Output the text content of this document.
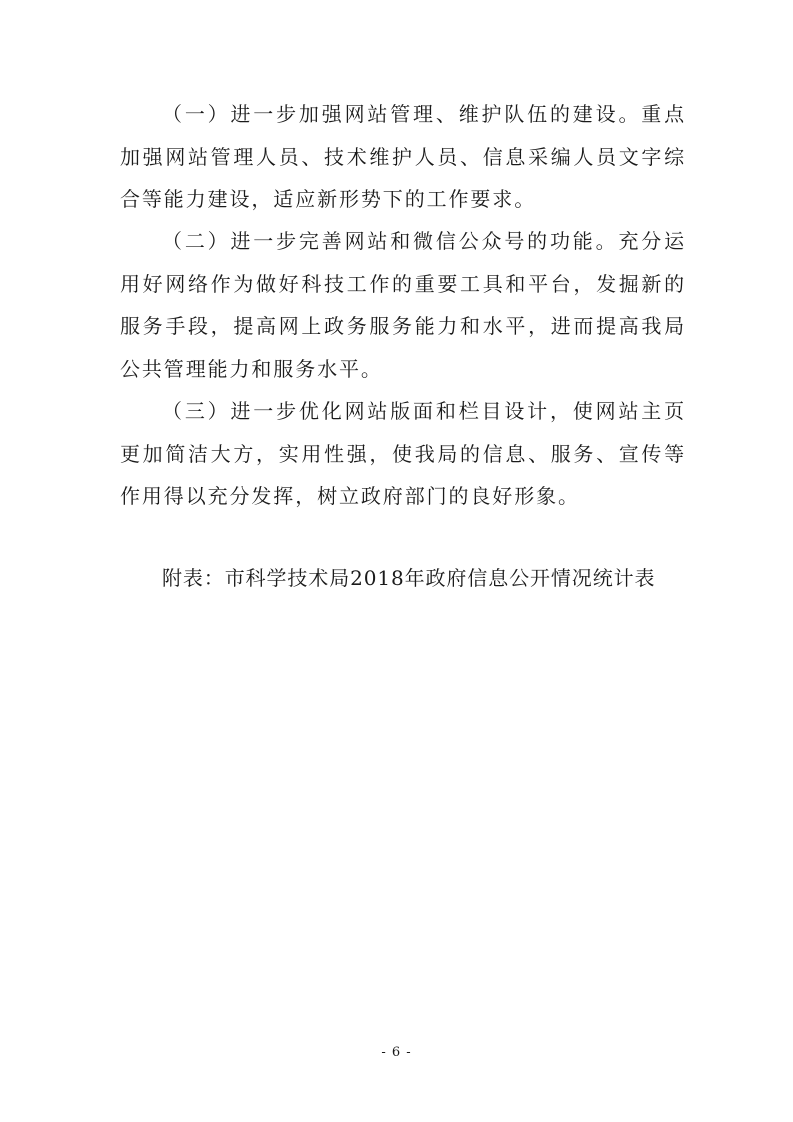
（一）进一步加强网站管理、维护队伍的建设。重点加强网站管理人员、技术维护人员、信息采编人员文字综合等能力建设，适应新形势下的工作要求。

（二）进一步完善网站和微信公众号的功能。充分运用好网络作为做好科技工作的重要工具和平台，发掘新的服务手段，提高网上政务服务能力和水平，进而提高我局公共管理能力和服务水平。

（三）进一步优化网站版面和栏目设计，使网站主页更加简洁大方，实用性强，使我局的信息、服务、宣传等作用得以充分发挥，树立政府部门的良好形象。

附表：市科学技术局2018年政府信息公开情况统计表

- 6 -
